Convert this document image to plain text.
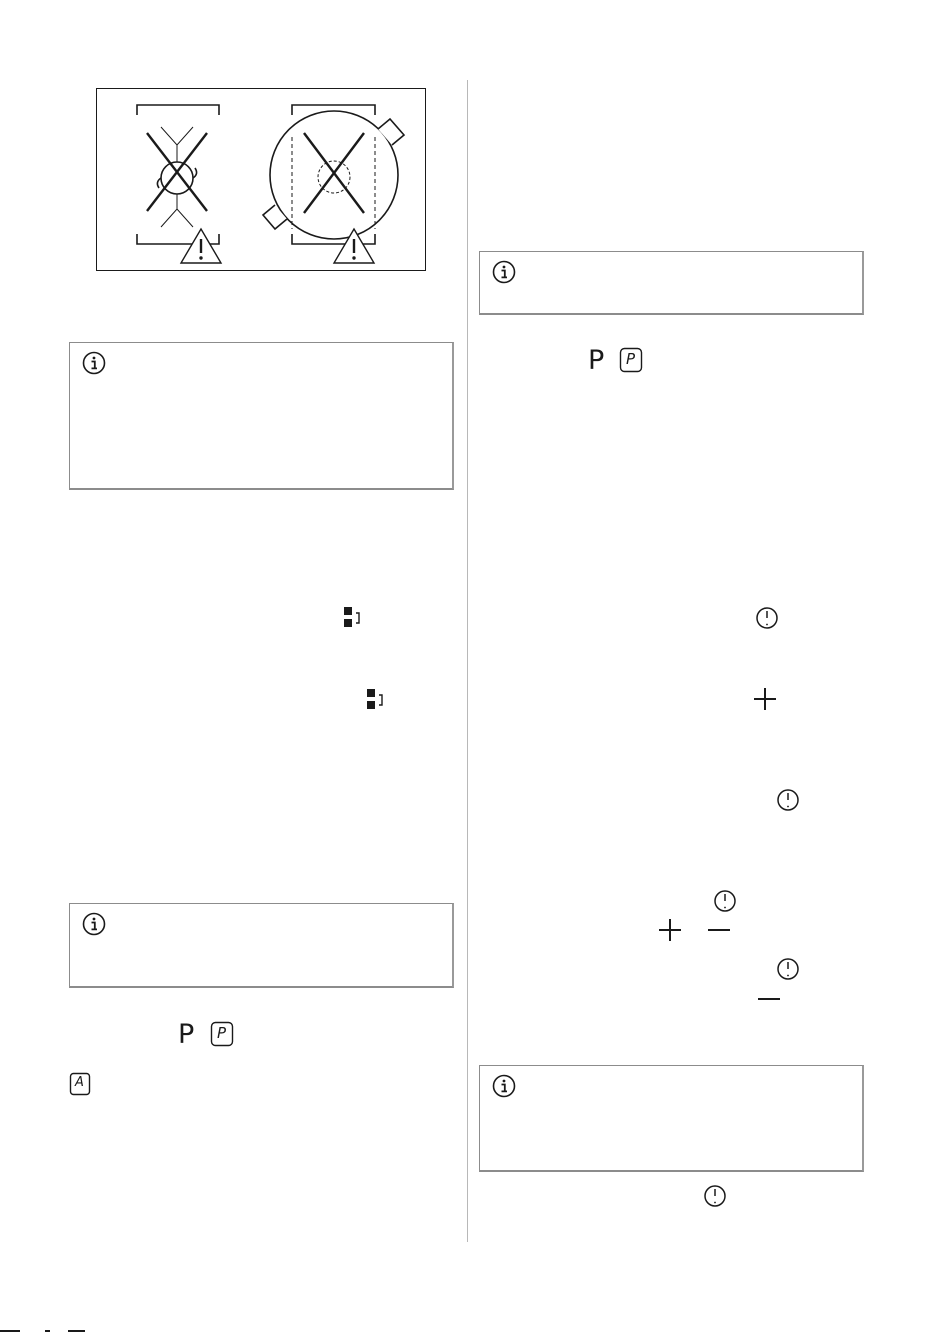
P P
A
P P
